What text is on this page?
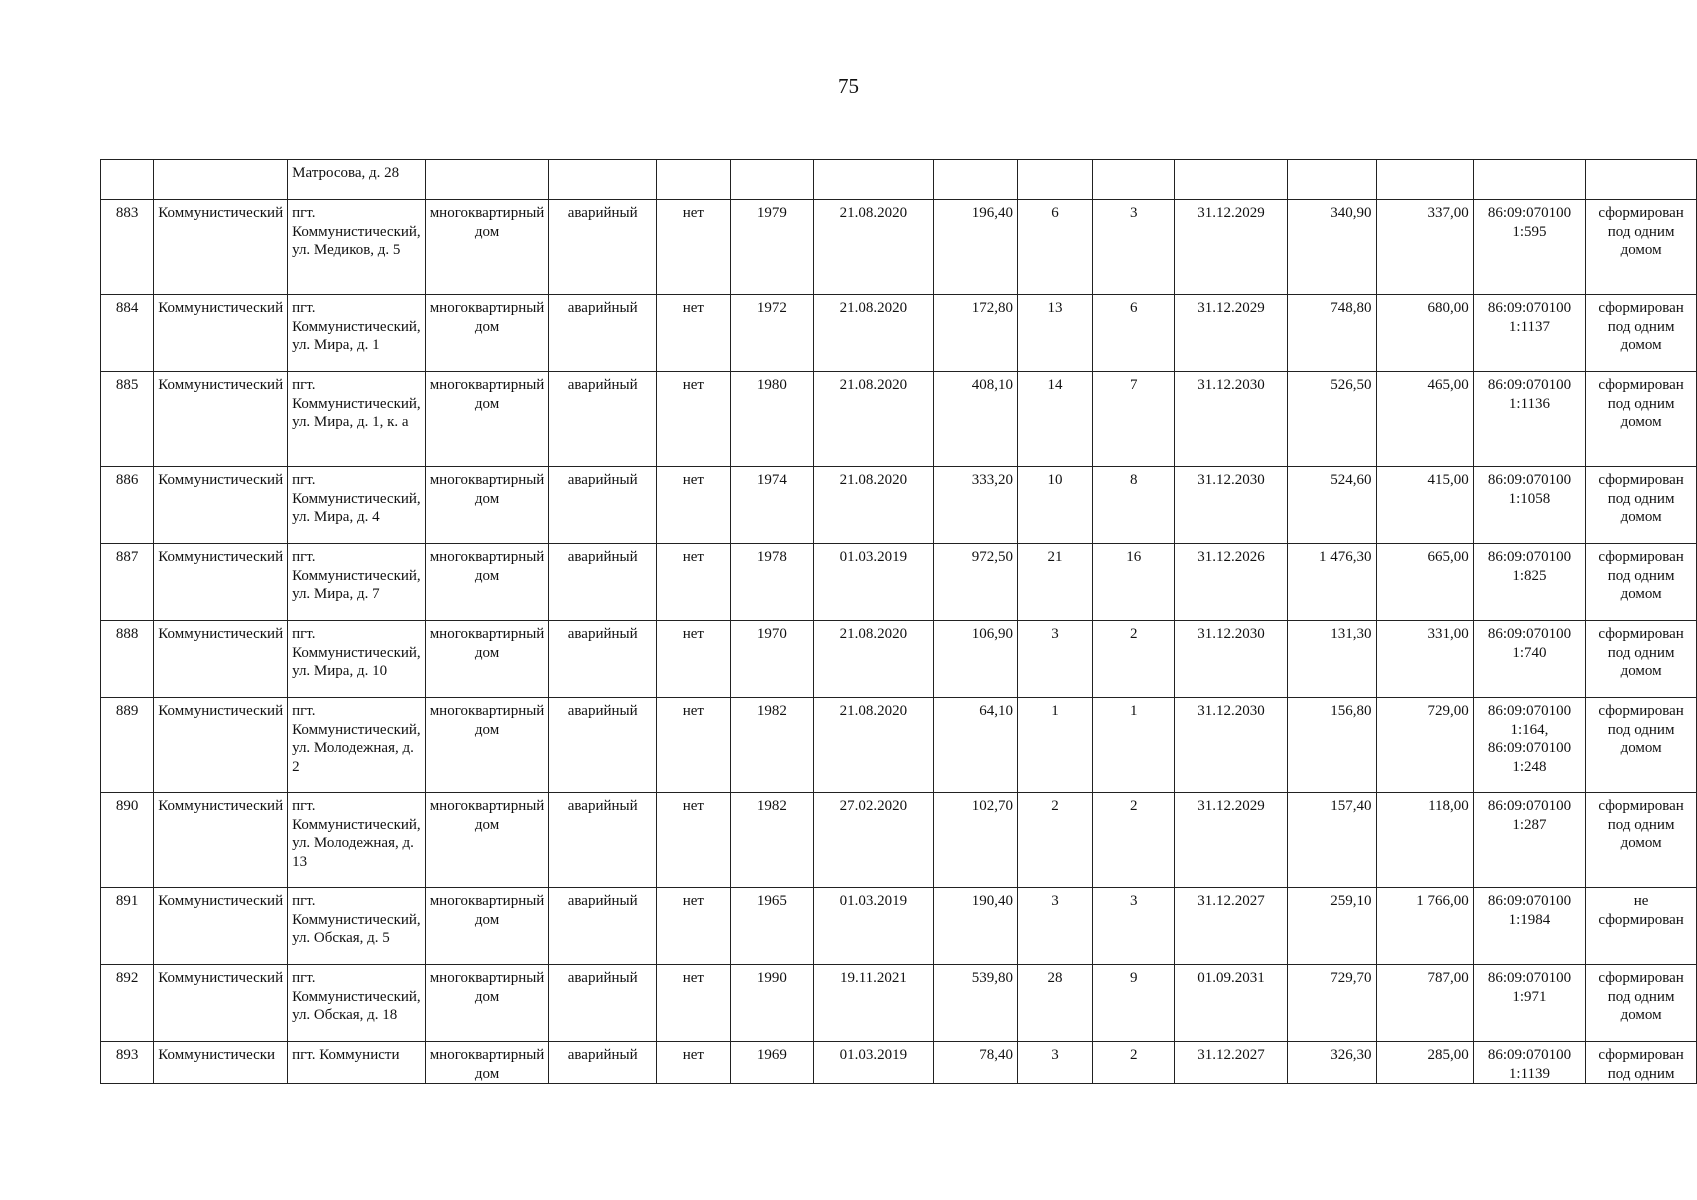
75
		Матросова, д. 28													
883	Коммунистический	пгт. Коммунистический, ул. Медиков, д. 5	многоквартирный дом	аварийный	нет	1979	21.08.2020	196,40	6	3	31.12.2029	340,90	337,00	86:09:070100 1:595	сформирован под одним домом
884	Коммунистический	пгт. Коммунистический, ул. Мира, д. 1	многоквартирный дом	аварийный	нет	1972	21.08.2020	172,80	13	6	31.12.2029	748,80	680,00	86:09:070100 1:1137	сформирован под одним домом
885	Коммунистический	пгт. Коммунистический, ул. Мира, д. 1, к. а	многоквартирный дом	аварийный	нет	1980	21.08.2020	408,10	14	7	31.12.2030	526,50	465,00	86:09:070100 1:1136	сформирован под одним домом
886	Коммунистический	пгт. Коммунистический, ул. Мира, д. 4	многоквартирный дом	аварийный	нет	1974	21.08.2020	333,20	10	8	31.12.2030	524,60	415,00	86:09:070100 1:1058	сформирован под одним домом
887	Коммунистический	пгт. Коммунистический, ул. Мира, д. 7	многоквартирный дом	аварийный	нет	1978	01.03.2019	972,50	21	16	31.12.2026	1 476,30	665,00	86:09:070100 1:825	сформирован под одним домом
888	Коммунистический	пгт. Коммунистический, ул. Мира, д. 10	многоквартирный дом	аварийный	нет	1970	21.08.2020	106,90	3	2	31.12.2030	131,30	331,00	86:09:070100 1:740	сформирован под одним домом
889	Коммунистический	пгт. Коммунистический, ул. Молодежная, д. 2	многоквартирный дом	аварийный	нет	1982	21.08.2020	64,10	1	1	31.12.2030	156,80	729,00	86:09:070100 1:164, 86:09:070100 1:248	сформирован под одним домом
890	Коммунистический	пгт. Коммунистический, ул. Молодежная, д. 13	многоквартирный дом	аварийный	нет	1982	27.02.2020	102,70	2	2	31.12.2029	157,40	118,00	86:09:070100 1:287	сформирован под одним домом
891	Коммунистический	пгт. Коммунистический, ул. Обская, д. 5	многоквартирный дом	аварийный	нет	1965	01.03.2019	190,40	3	3	31.12.2027	259,10	1 766,00	86:09:070100 1:1984	не сформирован
892	Коммунистический	пгт. Коммунистический, ул. Обская, д. 18	многоквартирный дом	аварийный	нет	1990	19.11.2021	539,80	28	9	01.09.2031	729,70	787,00	86:09:070100 1:971	сформирован под одним домом
893	Коммунистически	пгт. Коммунисти	многоквартирный дом	аварийный	нет	1969	01.03.2019	78,40	3	2	31.12.2027	326,30	285,00	86:09:070100 1:1139	сформирован под одним
